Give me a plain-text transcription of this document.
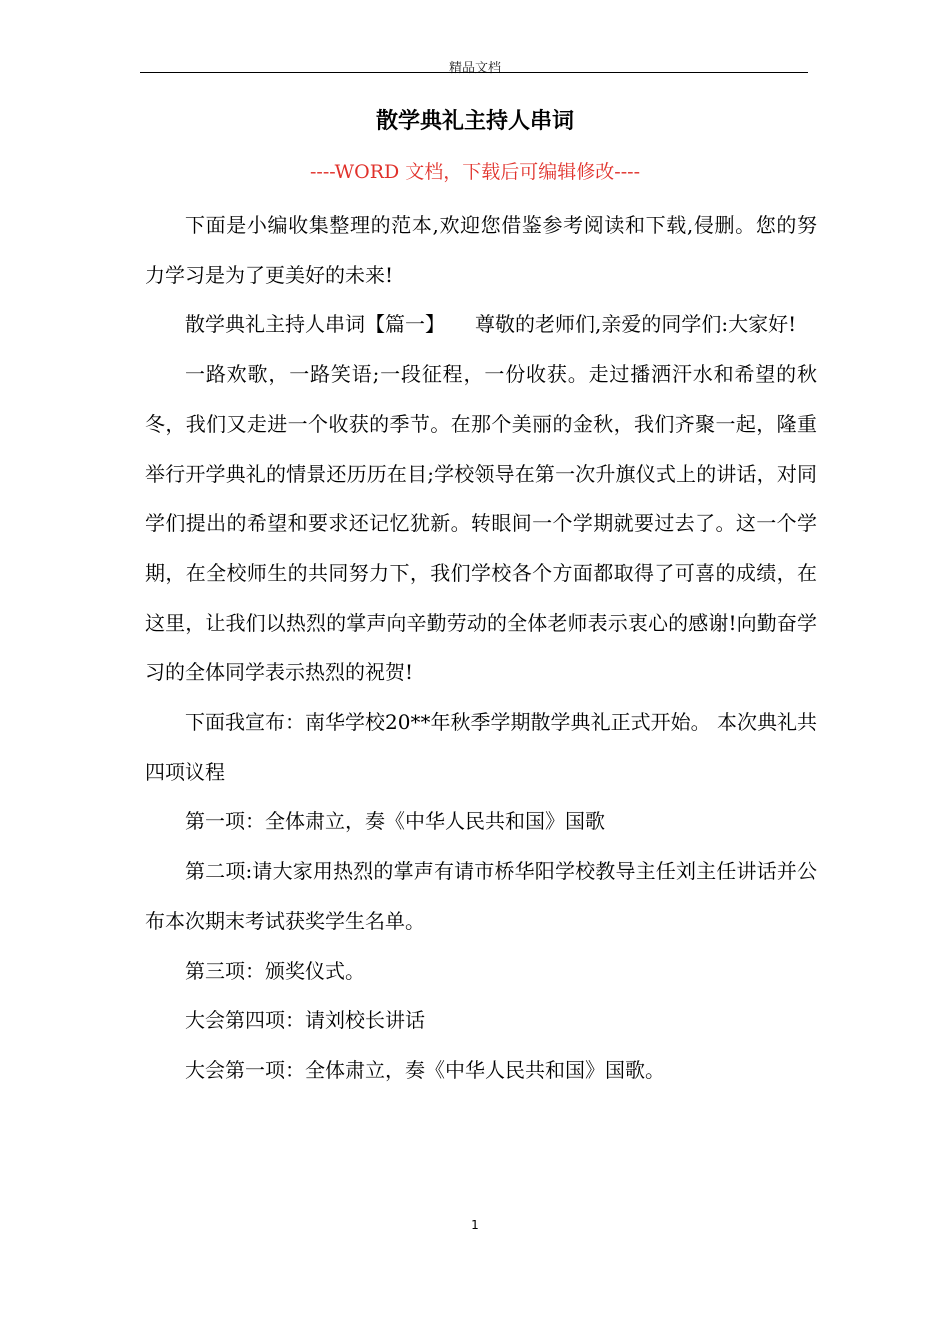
精品文档
散学典礼主持人串词
----WORD 文档，下载后可编辑修改----

下面是小编收集整理的范本,欢迎您借鉴参考阅读和下载,侵删。您的努力学习是为了更美好的未来!

散学典礼主持人串词【篇一】　　尊敬的老师们,亲爱的同学们:大家好!

一路欢歌，一路笑语;一段征程，一份收获。走过播洒汗水和希望的秋冬，我们又走进一个收获的季节。在那个美丽的金秋，我们齐聚一起，隆重举行开学典礼的情景还历历在目;学校领导在第一次升旗仪式上的讲话，对同学们提出的希望和要求还记忆犹新。转眼间一个学期就要过去了。这一个学期，在全校师生的共同努力下，我们学校各个方面都取得了可喜的成绩，在这里，让我们以热烈的掌声向辛勤劳动的全体老师表示衷心的感谢!向勤奋学习的全体同学表示热烈的祝贺!

下面我宣布：南华学校20**年秋季学期散学典礼正式开始。 本次典礼共四项议程

第一项：全体肃立，奏《中华人民共和国》国歌

第二项:请大家用热烈的掌声有请市桥华阳学校教导主任刘主任讲话并公布本次期末考试获奖学生名单。

第三项：颁奖仪式。

大会第四项：请刘校长讲话

大会第一项：全体肃立，奏《中华人民共和国》国歌。

1
